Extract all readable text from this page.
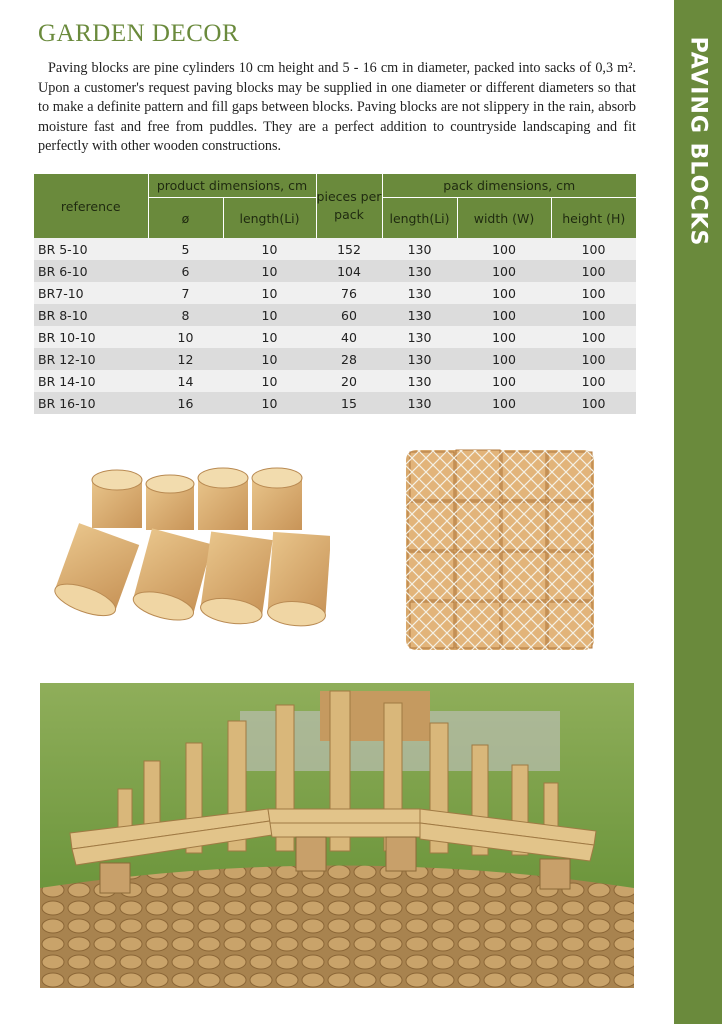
PAVING BLOCKS
GARDEN DECOR

Paving blocks are pine cylinders 10 cm height and 5 - 16 cm in diameter, packed into sacks of 0,3 m². Upon a customer's request paving blocks may be supplied in one diameter or different diameters so that to make a definite pattern and fill gaps between blocks. Paving blocks are not slippery in the rain, absorb moisture fast and free from puddles. They are a perfect addition to countryside landscaping and fit perfectly with other wooden constructions.

reference	product dimensions, cm		pieces per pack	pack dimensions, cm		
	ø	length(Li)		length(Li)	width (W)	height (H)
BR 5-10	5	10	152	130	100	100
BR 6-10	6	10	104	130	100	100
BR7-10	7	10	76	130	100	100
BR 8-10	8	10	60	130	100	100
BR 10-10	10	10	40	130	100	100
BR 12-10	12	10	28	130	100	100
BR 14-10	14	10	20	130	100	100
BR 16-10	16	10	15	130	100	100
